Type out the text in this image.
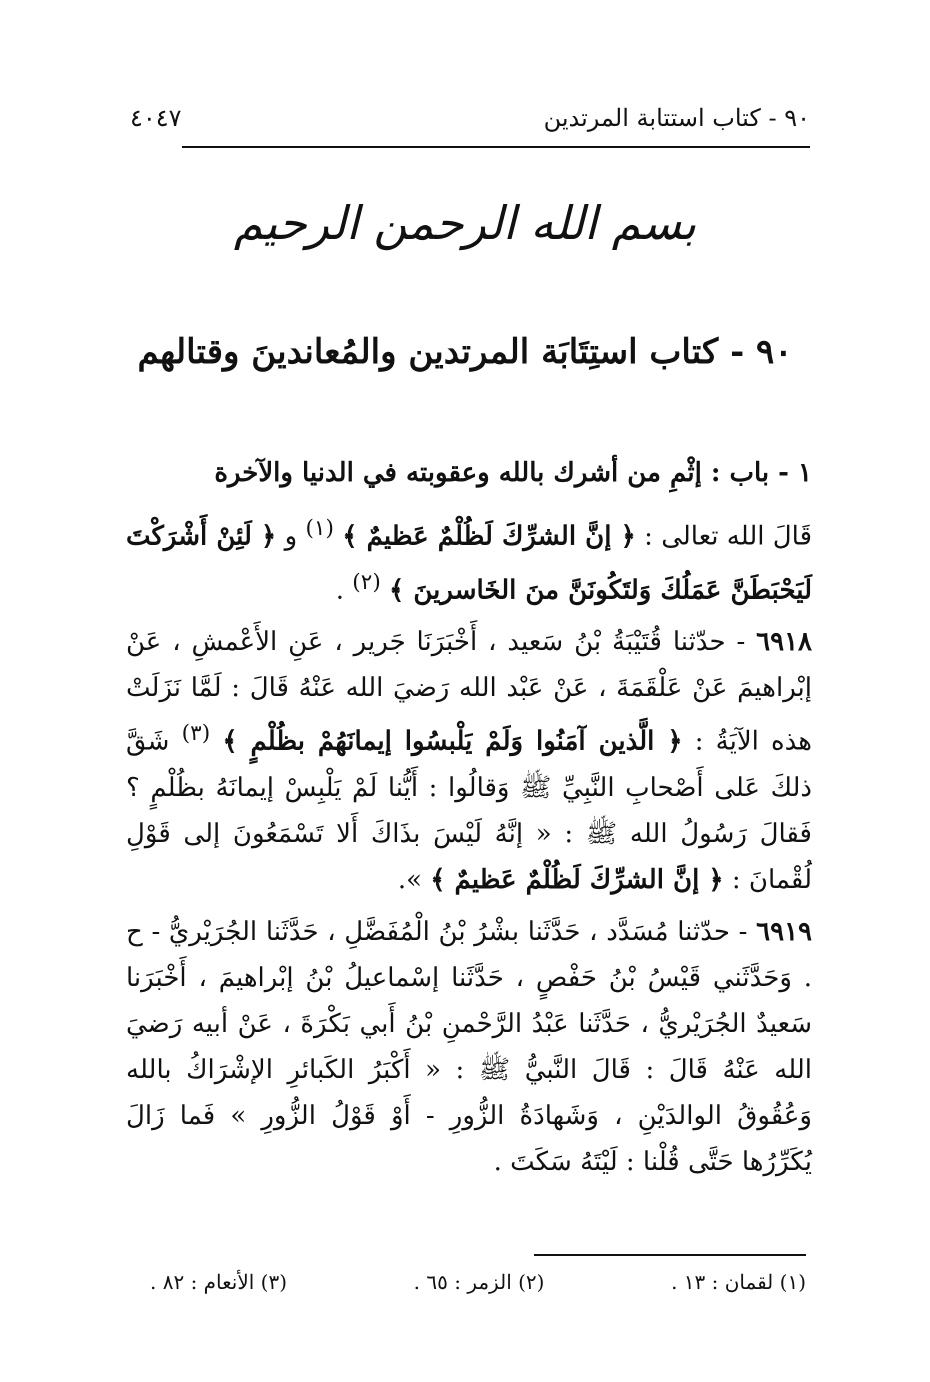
٩٠ - كتاب استتابة المرتدين
٤٠٤٧
بسم الله الرحمن الرحيم
٩٠ - كتاب استِتَابَة المرتدين والمُعاندينَ وقتالهم

١ - باب : إثْمِ من أشرك بالله وعقوبته في الدنيا والآخرة

قَالَ الله تعالى : ﴿ إنَّ الشرِّكَ لَظُلْمٌ عَظيمٌ ﴾ $^{(١)}$ و ﴿ لَئِنْ أَشْرَكْتَ لَيَحْبَطَنَّ عَمَلُكَ وَلتَكُونَنَّ منَ الخَاسرينَ ﴾ $^{(٢)}$ .

٦٩١٨ - حدّثنا قُتَيْبَةُ بْنُ سَعيد ، أَخْبَرَنَا جَرير ، عَنِ الأَعْمشِ ، عَنْ إبْراهيمَ عَنْ عَلْقَمَةَ ، عَنْ عَبْد الله رَضيَ الله عَنْهُ قَالَ : لَمَّا نَزَلَتْ هذه الآيَةُ : ﴿ الَّذين آمَنُوا وَلَمْ يَلْبسُوا إيمانَهُمْ بظُلْمٍ ﴾ $^{(٣)}$ شَقَّ ذلكَ عَلى أَصْحابِ النَّبِيِّ ﷺ وَقالُوا : أَيُّنا لَمْ يَلْبِسْ إيمانَهُ بظُلْمٍ ؟ فَقالَ رَسُولُ الله ﷺ : « إنَّهُ لَيْسَ بذَاكَ أَلا تَسْمَعُونَ إلى قَوْلِ لُقْمانَ : ﴿ إنَّ الشرِّكَ لَظُلْمٌ عَظيمٌ ﴾ ».

٦٩١٩ - حدّثنا مُسَدَّد ، حَدَّثَنا بشْرُ بْنُ الْمُفَضَّلِ ، حَدَّثَنا الجُرَيْريُّ - ح . وَحَدَّثَني قَيْسُ بْنُ حَفْصٍ ، حَدَّثَنا إسْماعيلُ بْنُ إبْراهيمَ ، أَخْبَرَنا سَعيدٌ الجُرَيْريُّ ، حَدَّثَنا عَبْدُ الرَّحْمنِ بْنُ أَبي بَكْرَةَ ، عَنْ أبيه رَضيَ الله عَنْهُ قَالَ : قَالَ النَّبيُّ ﷺ : « أَكْبَرُ الكَبائرِ الإشْرَاكُ بالله وَعُقُوقُ الوالدَيْنِ ، وَشَهادَةُ الزُّورِ - أَوْ قَوْلُ الزُّورِ » فَما زَالَ يُكَرِّرُها حَتَّى قُلْنا : لَيْتَهُ سَكَتَ .

(١) لقمان : ١٣ .
(٢) الزمر : ٦٥ .
(٣) الأنعام : ٨٢ .
